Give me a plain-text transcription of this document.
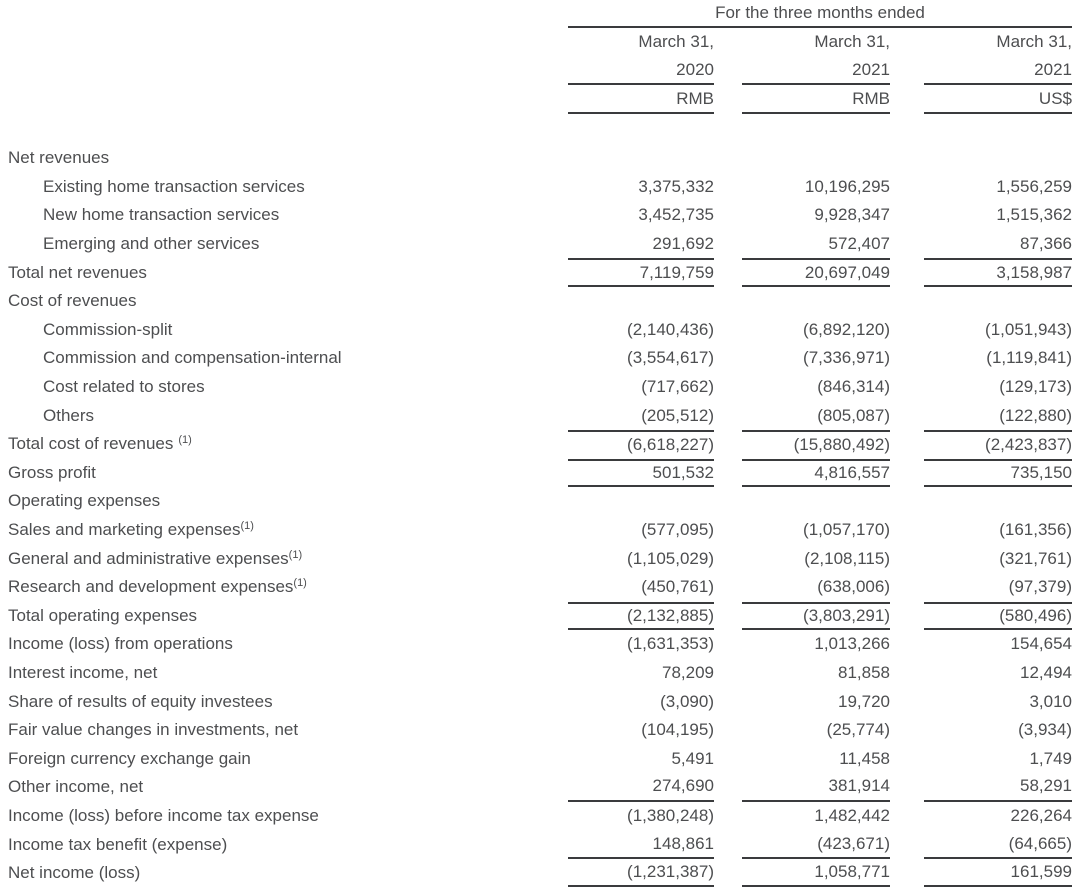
For the three months ended
March 31,	March 31,	March 31,
2020	2021	2021
RMB	RMB	US$
Net revenues
Existing home transaction services	3,375,332	10,196,295	1,556,259
New home transaction services	3,452,735	9,928,347	1,515,362
Emerging and other services	291,692	572,407	87,366
Total net revenues	7,119,759	20,697,049	3,158,987
Cost of revenues
Commission-split	(2,140,436)	(6,892,120)	(1,051,943)
Commission and compensation-internal	(3,554,617)	(7,336,971)	(1,119,841)
Cost related to stores	(717,662)	(846,314)	(129,173)
Others	(205,512)	(805,087)	(122,880)
Total cost of revenues $^{(1)}$	(6,618,227)	(15,880,492)	(2,423,837)
Gross profit	501,532	4,816,557	735,150
Operating expenses
Sales and marketing expenses$^{(1)}$	(577,095)	(1,057,170)	(161,356)
General and administrative expenses$^{(1)}$	(1,105,029)	(2,108,115)	(321,761)
Research and development expenses$^{(1)}$	(450,761)	(638,006)	(97,379)
Total operating expenses	(2,132,885)	(3,803,291)	(580,496)
Income (loss) from operations	(1,631,353)	1,013,266	154,654
Interest income, net	78,209	81,858	12,494
Share of results of equity investees	(3,090)	19,720	3,010
Fair value changes in investments, net	(104,195)	(25,774)	(3,934)
Foreign currency exchange gain	5,491	11,458	1,749
Other income, net	274,690	381,914	58,291
Income (loss) before income tax expense	(1,380,248)	1,482,442	226,264
Income tax benefit (expense)	148,861	(423,671)	(64,665)
Net income (loss)	(1,231,387)	1,058,771	161,599
